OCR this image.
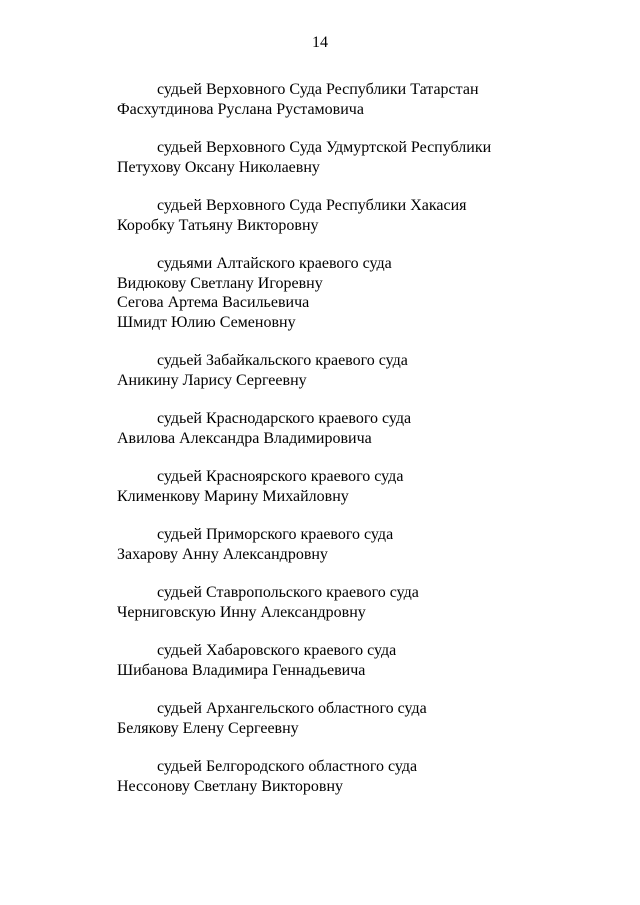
14
судьей Верховного Суда Республики Татарстан
Фасхутдинова Руслана Рустамовича
судьей Верховного Суда Удмуртской Республики
Петухову Оксану Николаевну
судьей Верховного Суда Республики Хакасия
Коробку Татьяну Викторовну
судьями Алтайского краевого суда
Видюкову Светлану Игоревну
Сегова Артема Васильевича
Шмидт Юлию Семеновну
судьей Забайкальского краевого суда
Аникину Ларису Сергеевну
судьей Краснодарского краевого суда
Авилова Александра Владимировича
судьей Красноярского краевого суда
Клименкову Марину Михайловну
судьей Приморского краевого суда
Захарову Анну Александровну
судьей Ставропольского краевого суда
Черниговскую Инну Александровну
судьей Хабаровского краевого суда
Шибанова Владимира Геннадьевича
судьей Архангельского областного суда
Белякову Елену Сергеевну
судьей Белгородского областного суда
Нессонову Светлану Викторовну
